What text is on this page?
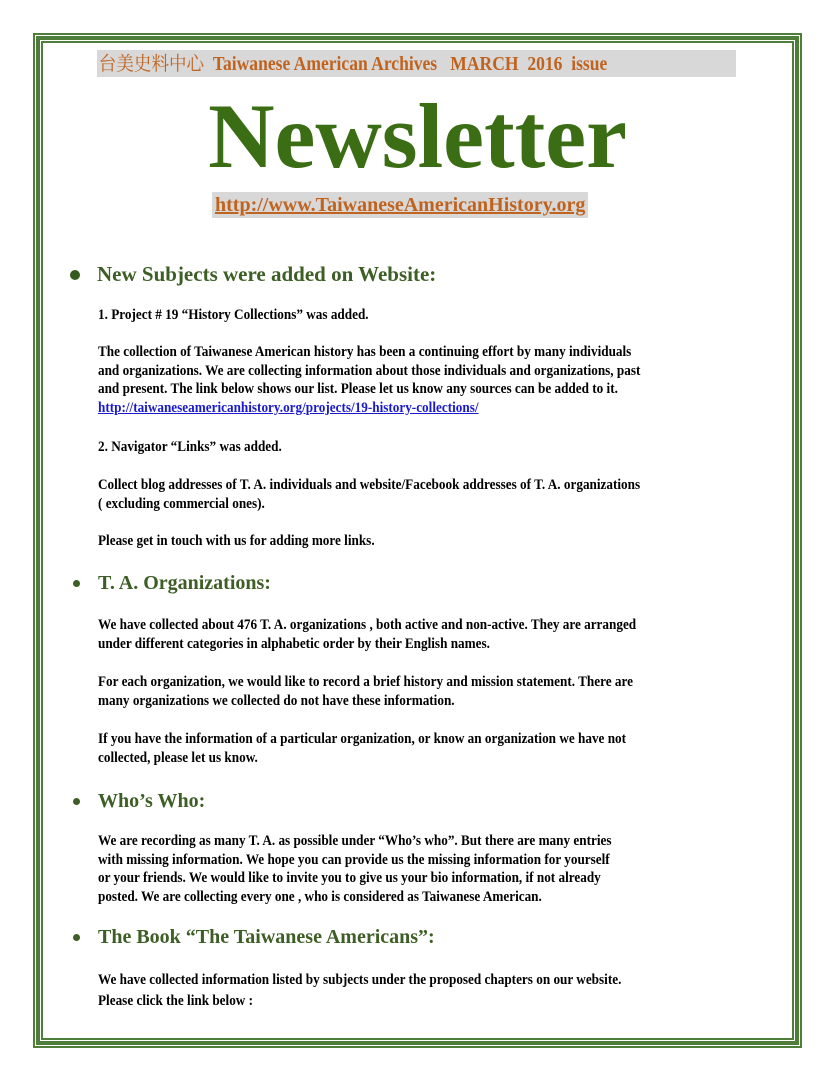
台美史料中心 Taiwanese American Archives MARCH  2016  issue
Newsletter
http://www.TaiwaneseAmericanHistory.org
New Subjects were added on Website:
1. Project # 19 “History Collections” was added.
The collection of Taiwanese American history has been a continuing effort by many individuals
and organizations. We are collecting information about those individuals and organizations, past
and present. The link below shows our list. Please let us know any sources can be added to it.
http://taiwaneseamericanhistory.org/projects/19-history-collections/
2. Navigator “Links” was added.
Collect blog addresses of T. A. individuals and website/Facebook addresses of T. A. organizations
( excluding commercial ones).
Please get in touch with us for adding more links.
T. A. Organizations:
We have collected about 476 T. A. organizations , both active and non-active. They are arranged
under different categories in alphabetic order by their English names.
For each organization, we would like to record a brief history and mission statement. There are
many organizations we collected do not have these information.
If you have the information of a particular organization, or know an organization we have not
collected, please let us know.
Who’s Who:
We are recording as many T. A. as possible under “Who’s who”. But there are many entries
with missing information. We hope you can provide us the missing information for yourself
or your friends. We would like to invite you to give us your bio information, if not already
posted. We are collecting every one , who is considered as Taiwanese American.
The Book “The Taiwanese Americans”:
We have collected information listed by subjects under the proposed chapters on our website.
Please click the link below :
